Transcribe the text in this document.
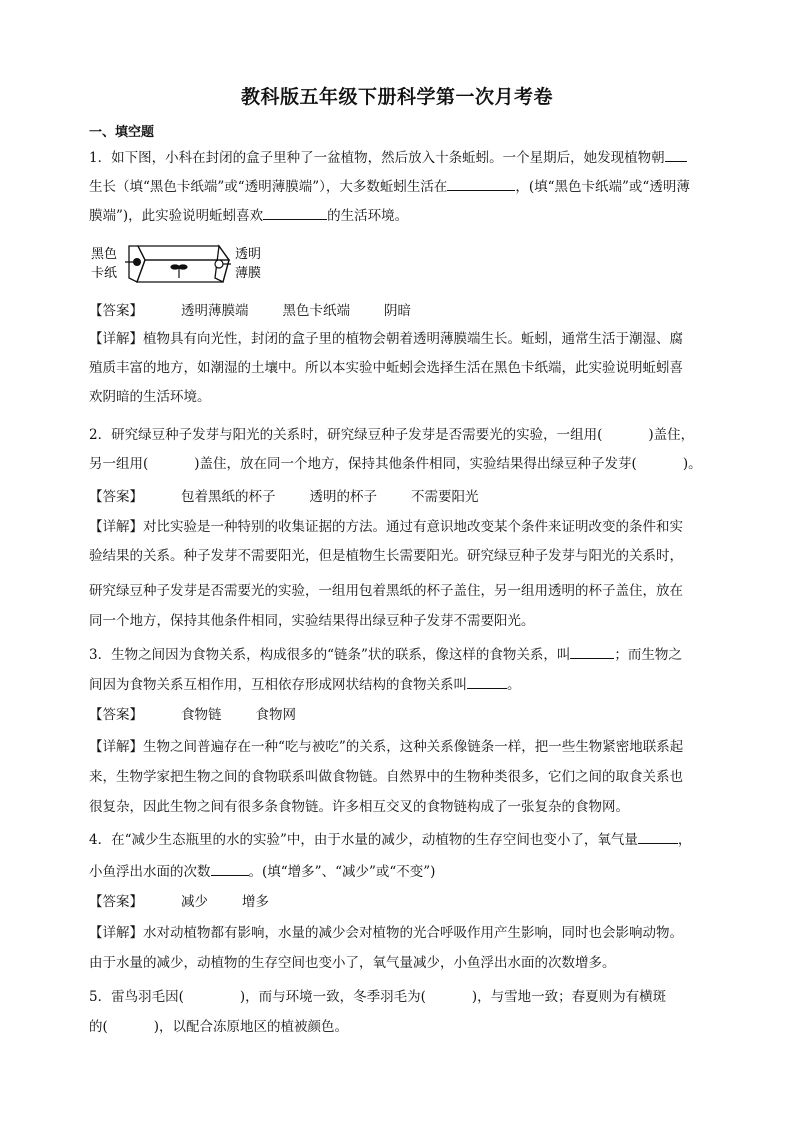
教科版五年级下册科学第一次月考卷
一、填空题
1．如下图，小科在封闭的盒子里种了一盆植物，然后放入十条蚯蚓。一个星期后，她发现植物朝
生长（填“黑色卡纸端”或“透明薄膜端”），大多数蚯蚓生活在	，(填“黑色卡纸端”或“透明薄
膜端”)，此实验说明蚯蚓喜欢	的生活环境。
黑色
卡纸
透明
薄膜
【答案】	透明薄膜端	黑色卡纸端	阴暗
【详解】植物具有向光性，封闭的盒子里的植物会朝着透明薄膜端生长。蚯蚓，通常生活于潮湿、腐
殖质丰富的地方，如潮湿的土壤中。所以本实验中蚯蚓会选择生活在黑色卡纸端，此实验说明蚯蚓喜
欢阴暗的生活环境。
2．研究绿豆种子发芽与阳光的关系时，研究绿豆种子发芽是否需要光的实验，一组用(	)盖住，
另一组用(	)盖住，放在同一个地方，保持其他条件相同，实验结果得出绿豆种子发芽(	)。
【答案】	包着黑纸的杯子	透明的杯子	不需要阳光
【详解】对比实验是一种特别的收集证据的方法。通过有意识地改变某个条件来证明改变的条件和实
验结果的关系。种子发芽不需要阳光，但是植物生长需要阳光。研究绿豆种子发芽与阳光的关系时，
研究绿豆种子发芽是否需要光的实验，一组用包着黑纸的杯子盖住，另一组用透明的杯子盖住，放在
同一个地方，保持其他条件相同，实验结果得出绿豆种子发芽不需要阳光。
3．生物之间因为食物关系，构成很多的“链条”状的联系，像这样的食物关系，叫	；而生物之
间因为食物关系互相作用，互相依存形成网状结构的食物关系叫	。
【答案】	食物链	食物网
【详解】生物之间普遍存在一种“吃与被吃”的关系，这种关系像链条一样，把一些生物紧密地联系起
来，生物学家把生物之间的食物联系叫做食物链。自然界中的生物种类很多，它们之间的取食关系也
很复杂，因此生物之间有很多条食物链。许多相互交叉的食物链构成了一张复杂的食物网。
4．在“减少生态瓶里的水的实验”中，由于水量的减少，动植物的生存空间也变小了，氧气量	，
小鱼浮出水面的次数	。(填“增多”、“减少”或“不变”)
【答案】	减少	增多
【详解】水对动植物都有影响，水量的减少会对植物的光合呼吸作用产生影响，同时也会影响动物。
由于水量的减少，动植物的生存空间也变小了，氧气量减少，小鱼浮出水面的次数增多。
5．雷鸟羽毛因(	)，而与环境一致，冬季羽毛为(	)，与雪地一致；春夏则为有横斑
的(	)，以配合冻原地区的植被颜色。
